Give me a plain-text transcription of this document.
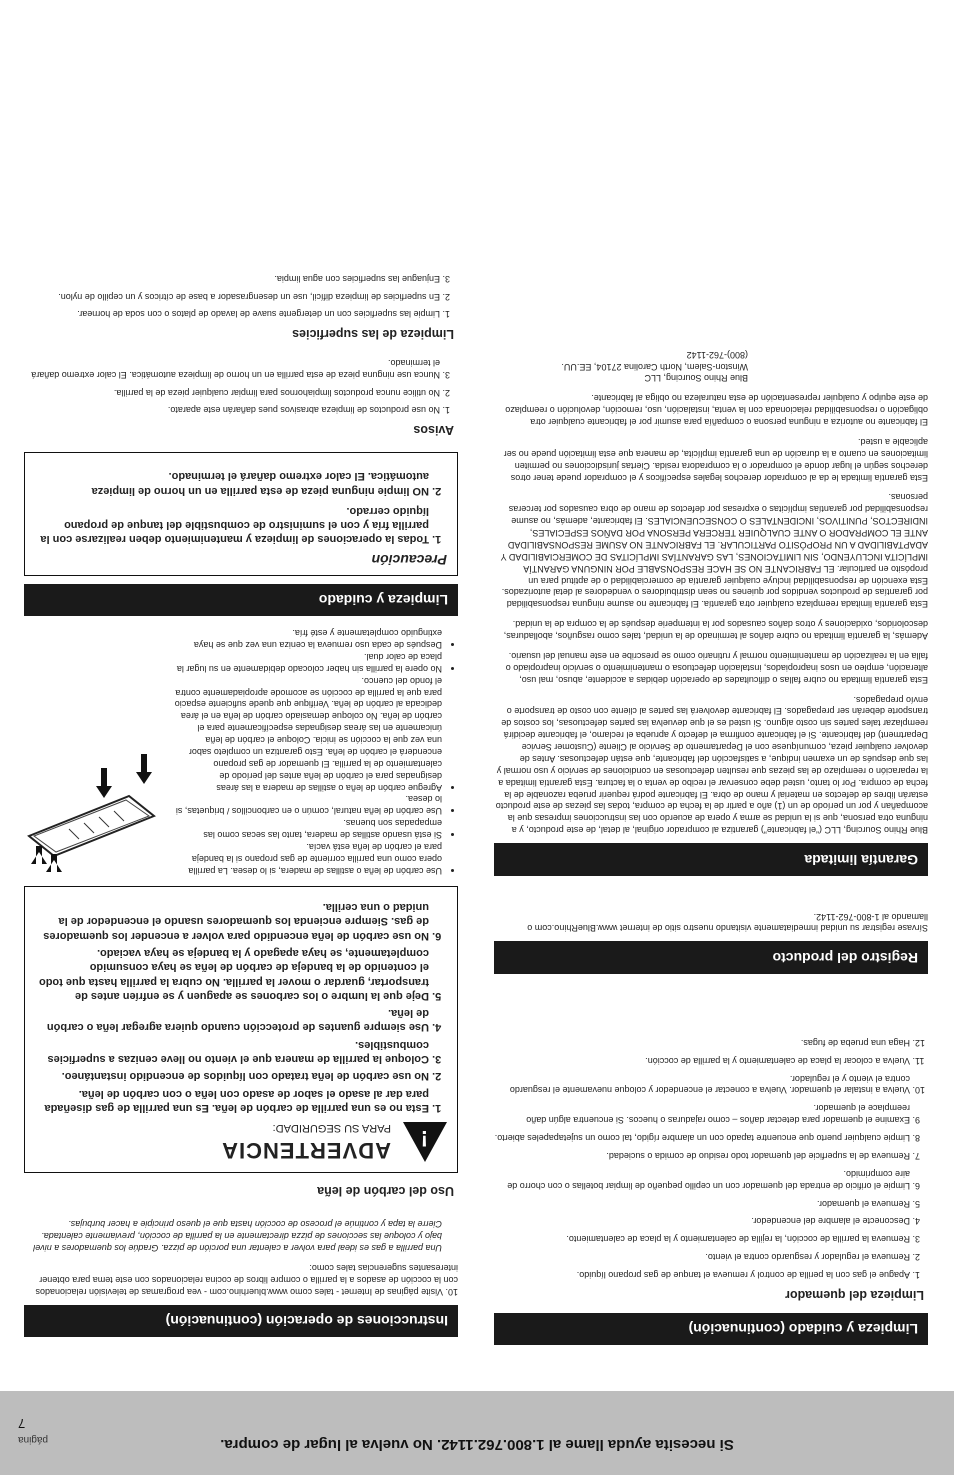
Si necesita ayuda llame al 1.800.762.1142. No vuelva al lugar de compra.
página
7
Limpieza y cuidado (continuación)
Limpieza del quemador
1. Apague el gas con la perilla de control y remueva el tanque de gas propano líquido.
2. Remueva el regulador y resguardo contra el viento.
3. Remueva la parrilla de cocción, la rejilla de calentamiento y la placa de calentamiento.
4. Desconecte el alambre del encendedor.
5. Remueva el quemador.
6. Limpie el orificio de entrada del quemador con un cepillo pequeño de limpiar botellas o con chorro de aire comprimido.
7. Remueva de la superficie del quemador todo residuo de comida o suciedad.
8. Limpie cualquier puerto que encuentre tapado con un alambre rígido, tal como un sujetapapeles abierto.
9. Examine el quemador para detectar daños – como rajaduras o huecos. Si encuentra algún daño reemplace el quemador.
10. Vuelva a instalar el quemador. Vuelva a conectar el encendedor y coloque nuevamente el resguardo contra el viento y el regulador.
11. Vuelva a colocar la placa de calentamiento y la parrilla de cocción.
12. Haga una prueba de fugas.
Registro del producto

Sírvase registrar su unidad inmediatamente visitando nuestro sitio de internet www.BlueRhino.com o llamando al 1-800-762-1142.

Garantía limitada

Blue Rhino Sourcing, LLC (“el fabricante”) garantiza al comprador original, al detal, de este producto, y a ninguna otra persona, que si la unidad se arma y opera de acuerdo con las instrucciones impresas que la acompañan y por un período de un (1) año a partir de la fecha de compra, todas las piezas de este producto estarán libres de defectos en material y mano de obra. El fabricante podrá requerir prueba razonable de la fecha de compra. Por lo tanto, usted debe conservar el recibo de venta o la factura. Esta garantía limitada a la reparación o reemplazo de las piezas que resulten defectuosas en condiciones de servicio y uso normal y las que después de un examen indique, a satisfacción del fabricante, que están defectuosas. Antes de devolver cualquier pieza, comuníquese con el Departamento de Servicio al Cliente (Customer Service Department) del fabricante. Si el fabricante confirma el defecto y aprueba el reclamo, el fabricante decidirá reemplazar tales partes sin costo alguno. Si usted es el que devuelva las partes defectuosas, los costos de transporte deberán ser prepagados. El fabricante devolverá las partes al cliente con costo de transporte o envío prepagados.

Esta garantía limitada no cubre fallas o dificultades de operación debidas a accidente, abuso, mal uso, alteración, empleo en usos inapropiados, instalación defectuosa o mantenimiento o servicio inapropiado o falla en la realización de mantenimiento normal y rutinario como se prescribe en este manual del usuario.

Además, la garantía limitada no cubre daños al terminado de la unidad, tales como rasguños, abolladuras, descoloridos, oxidaciones y otros daños causados por la intemperie después de la compra de la unidad.

Esta garantía limitada reemplaza cualquier otra garantía. El fabricante no asume ninguna responsabilidad por garantías de productos vendidos por quienes no sean distribuidores o vendedores al detal autorizados. Esta exención de responsabilidad incluye cualquier garantía de comerciabilidad o de aptitud para un propósito en particular. EL FABRICANTE NO SE HACE RESPONSABLE POR NINGUNA GARANTÍA IMPLÍCITA INCLUYENDO, SIN LIMITACIONES, LAS GARANTÍAS IMPLÍCITAS DE COMERCIABILIDAD Y ADAPTABILIDAD A UN PROPÓSITO PARTICULAR. EL FABRICANTE NO ASUME RESPONSABILIDAD ANTE EL COMPRADOR O ANTE CUALQUIER TERCERA PERSONA POR DAÑOS ESPECIALES, INDIRECTOS, PUNITIVOS, INCIDENTALES O CONSECUENCIALES. El fabricante, además, no asume responsabilidad por garantías implícitas o expresas por defectos de mano de obra causados por terceras personas.

Esta garantía limitada le da al comprador derechos legales específicos y el comprador puede tener otros derechos según el lugar donde el comprador o la compradora resida. Ciertas jurisdicciones no permiten limitaciones en cuanto a la duración de una garantía implícita, de manera que esta limitación puede no ser aplicable a usted.

El fabricante no autoriza a ninguna persona o compañía para asumir por el fabricante cualquier otra obligación o responsabilidad relacionada con la venta, instalación, uso, remoción, devolución o reemplazo de este equipo y cualquier representación de esta naturaleza no obliga al fabricante.

Blue Rhino Sourcing, LLC
Winston-Salem, North Carolina 27104, EE.UU.
(800)-762-1142
Instrucciones de operación (continuación)

10. Visite páginas de Internet - tales como www.bluerhino.com - vea programas de televisión relacionados con la cocción de asados a la parrilla o compre libros de cocina relacionados con este tema para obtener interesantes sugerencias tales como:

Una parrilla a gas es ideal para volver a calentar una porción de pizza. Gradúe los quemadores a nivel bajo y coloque las secciones de pizza directamente en la parrilla de cocción, previamente calentada. Cierre la tapa y continúe el proceso de cocción hasta que el queso principie a hacer burbujas.

Uso del carbón de leña
!
ADVERTENCIA
PARA SU SEGURIDAD:
1. Esta no es una parrilla de carbón de leña. Es una parrilla de gas diseñada para dar al asado el sabor de asado con leña o con carbón de leña.
2. No use carbón de leña tratado con líquidos de encendido instantáneo.
3. Coloque la parrilla de manera que el viento no lleve cenizas a superficies combustibles.
4. Use siempre guantes de protección cuando quiera agregar leña o carbón de leña.
5. Deje que la lumbre o los carbones se apaguen y se enfríen antes de transportar, guardar o mover la parrilla. No cubra la parrilla hasta que todo el contenido de la bandeja de carbón de leña se haya consumido completamente, se haya apagado y la bandeja se haya vaciado.
6. No use carbón de leña encendido para volver a encender los quemadores de gas. Siempre encienda los quemadores usando el encendedor de la unidad o una cerilla.
• Use carbón de leña o astillas de madera, si lo desea. La parrilla opera como una parrilla corriente de gas propano si la bandeja para el carbón de leña está vacía.
• Si está usando astillas de madera, tanto las secas como las empapadas son buenas.
• Use carbón de leña natural, común o en carboncillos / briquetas, si lo desea.
• Agregue carbón de leña o astillas de madera a las áreas designadas para el carbón de leña antes del período de calentamiento de la parrilla. El quemador de gas propano encenderá el carbón de leña. Esto garantiza un completo sabor una vez que la cocción se inicia. Coloque el carbón de leña únicamente en las áreas designadas específicamente para el carbón de leña. No coloque demasiado carbón de leña en el área dedicada al carbón de leña. Verifique que quede suficiente espacio para que la parrilla de cocción se acomode apropiadamente contra el fondo del cuenco.
• No opere la parrilla sin haber colocado debidamente en su lugar la placa de calor dual.
• Después de cada uso remueva la ceniza una vez que se haya extinguido completamente y esté fría.
Limpieza y cuidado
Precaución
1. Todas la operaciones de limpieza y mantenimiento deben realizarse con la parrilla fría y con el suministro de combustible del tanque de propano líquido cerrado.
2. NO limpie ninguna pieza de esta parrilla en un horno de limpieza automática. El calor extremo dañará el terminado.
Avisos
1. No use productos de limpieza abrasivos pues dañarán este aparato.
2. No utilice nunca productos limpiahornos para limpiar cualquier pieza de la parrilla.
3. Nunca use ninguna pieza de esta parrilla en un horno de limpieza automática. El calor extremo dañará el terminado.
Limpieza de las superficies
1. Limpie las superficies con un detergente suave de lavado de platos o con soda de hornear.
2. En superficies de limpieza difícil, use un desengrasador a base de cítricos y un cepillo de nylon.
3. Enjuague las superficies con agua limpia.
